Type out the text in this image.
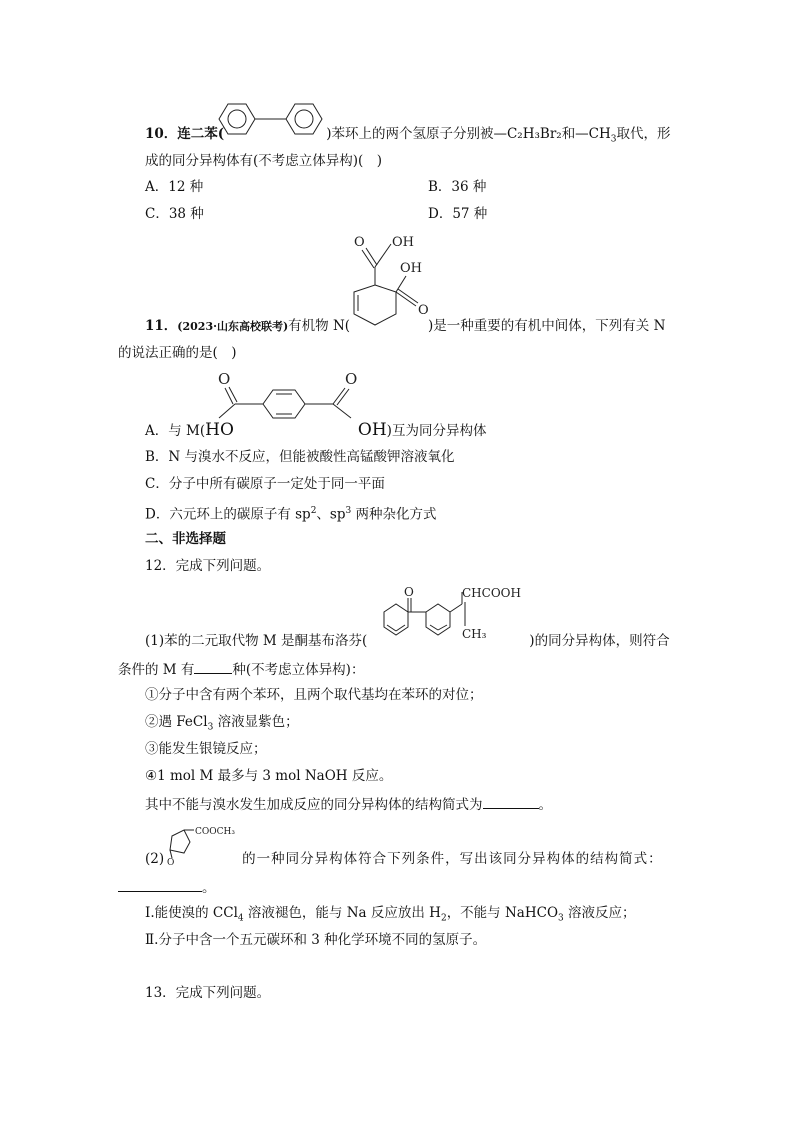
10．连二苯(	)苯环上的两个氢原子分别被—C₂H₃Br₂和$—CH_3$取代，形
成的同分异构体有(不考虑立体异构)(　)
A．12 种	B．36 种
C．38 种	D．57 种
O OH
OH
O
11．(2023·山东高校联考)有机物 N(	)是一种重要的有机中间体，下列有关 N
的说法正确的是(　)
O	O
A．与 M(HO	OH)互为同分异构体
B．N 与溴水不反应，但能被酸性高锰酸钾溶液氧化
C．分子中所有碳原子一定处于同一平面
D．六元环上的碳原子有 $sp^2$、$sp^3$ 两种杂化方式
二、非选择题
12．完成下列问题。
O	CHCOOH
CH₃
(1)苯的二元取代物 M 是酮基布洛芬(	)的同分异构体，则符合
条件的 M 有	种(不考虑立体异构)：
①分子中含有两个苯环，且两个取代基均在苯环的对位；
②遇 FeCl$_3$ 溶液显紫色；
③能发生银镜反应；
④1 mol M 最多与 3 mol NaOH 反应。
其中不能与溴水发生加成反应的同分异构体的结构简式为	。
COOCH₃
O
(2)	的一种同分异构体符合下列条件，写出该同分异构体的结构简式：
。
Ⅰ.能使溴的 CCl$_4$ 溶液褪色，能与 Na 反应放出 $H_2$，不能与 NaHCO$_3$ 溶液反应；
Ⅱ.分子中含一个五元碳环和 3 种化学环境不同的氢原子。
13．完成下列问题。
